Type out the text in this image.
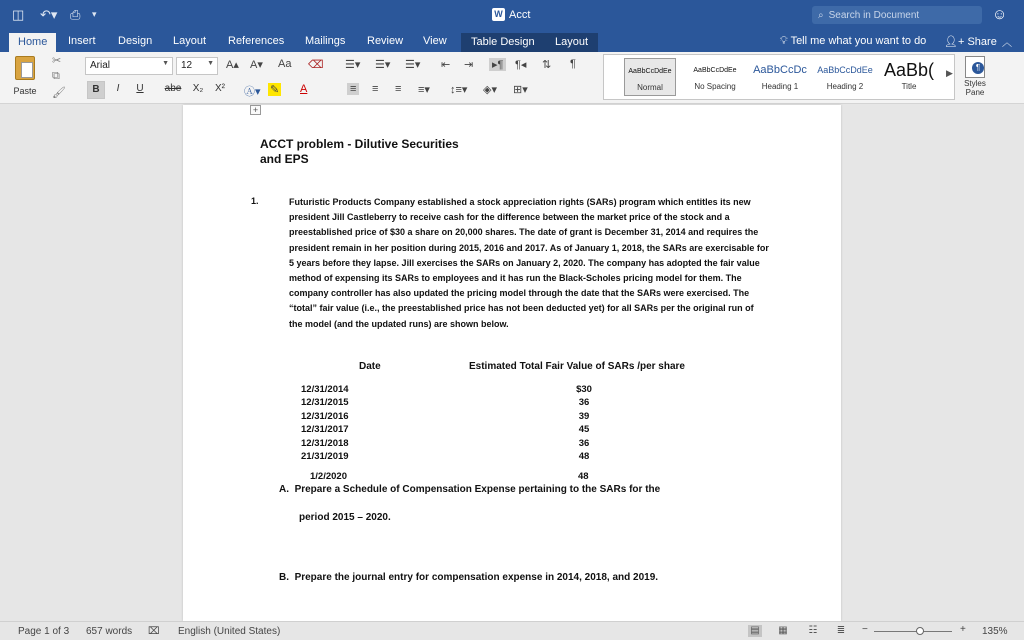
◫ ↶▾ ⎙ ▾	W Acct	⌕ Search in Document	☺
Home	Insert Design Layout References Mailings Review View	Table Design	Layout	💡︎ Tell me what you want to do 👤︎+ Share ︿
Paste
✂
⧉
🖌︎
Arial	▼	12 ▼ A▴ A▾ Aa ⌫
B	I	U	abe	X₂	X²	Ⓐ▾ ✎ A
☰▾ ☰▾ ☰▾ ⇤ ⇥ ▸¶ ¶◂ ⇅ ¶
≡ ≡ ≡ ≡▾ ↕≡▾ ◈▾ ⊞▾
AaBbCcDdEe
Normal
AaBbCcDdEe
No Spacing
AaBbCcDc
Heading 1
AaBbCcDdEe
Heading 2
AaBb(
Title
▶
¶
Styles Pane
+
ACCT problem - Dilutive Securities
and EPS
1.	Futuristic Products Company established a stock appreciation rights (SARs) program which entitles its new president Jill Castleberry to receive cash for the difference between the market price of the stock and a preestablished price of $30 a share on 20,000 shares. The date of grant is December 31, 2014 and requires the president remain in her position during 2015, 2016 and 2017. As of January 1, 2018, the SARs are exercisable for 5 years before they lapse. Jill exercises the SARs on January 2, 2020. The company has adopted the fair value method of expensing its SARs to employees and it has run the Black-Scholes pricing model for them. The company controller has also updated the pricing model through the date that the SARs were exercised. The “total” fair value (i.e., the preestablished price has not been deducted yet) for all SARs per the original run of the model (and the updated runs) are shown below.
Date	Estimated Total Fair Value of SARs /per share
12/31/2014
12/31/2015
12/31/2016
12/31/2017
12/31/2018
21/31/2019
$30
36
39
45
36
48
1/2/2020	48
A. Prepare a Schedule of Compensation Expense pertaining to the SARs for the
period 2015 – 2020.
B. Prepare the journal entry for compensation expense in 2014, 2018, and 2019.
Page 1 of 3 657 words ⌧ English (United States)	▤ ▦ ☷ ≣ −	+ 135%
